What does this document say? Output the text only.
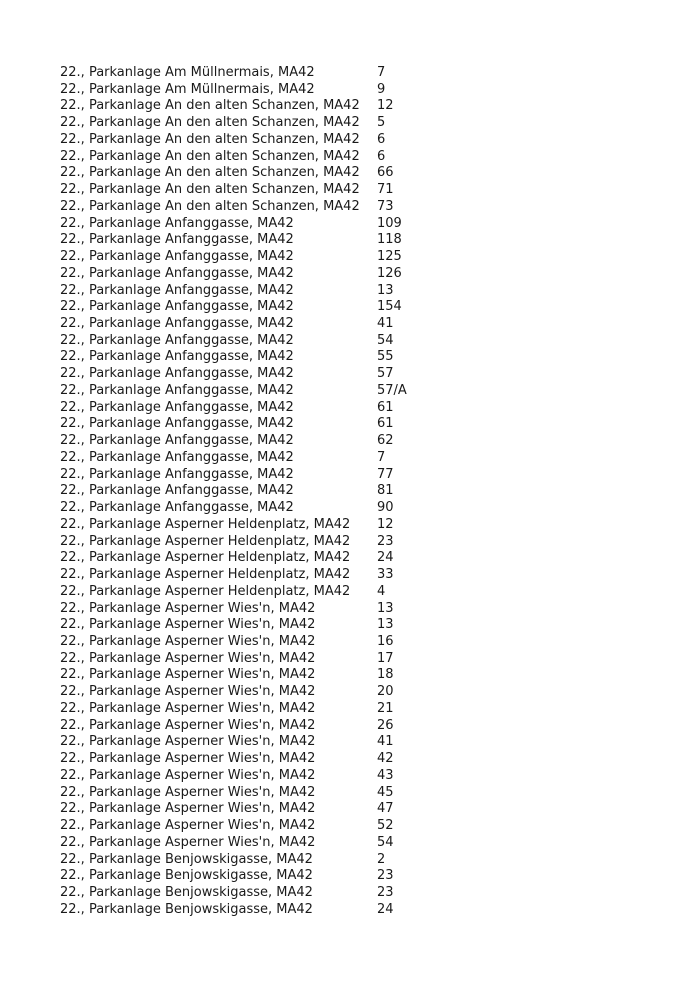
22., Parkanlage Am Müllnermais, MA42	7
22., Parkanlage Am Müllnermais, MA42	9
22., Parkanlage An den alten Schanzen, MA42	12
22., Parkanlage An den alten Schanzen, MA42	5
22., Parkanlage An den alten Schanzen, MA42	6
22., Parkanlage An den alten Schanzen, MA42	6
22., Parkanlage An den alten Schanzen, MA42	66
22., Parkanlage An den alten Schanzen, MA42	71
22., Parkanlage An den alten Schanzen, MA42	73
22., Parkanlage Anfanggasse, MA42	109
22., Parkanlage Anfanggasse, MA42	118
22., Parkanlage Anfanggasse, MA42	125
22., Parkanlage Anfanggasse, MA42	126
22., Parkanlage Anfanggasse, MA42	13
22., Parkanlage Anfanggasse, MA42	154
22., Parkanlage Anfanggasse, MA42	41
22., Parkanlage Anfanggasse, MA42	54
22., Parkanlage Anfanggasse, MA42	55
22., Parkanlage Anfanggasse, MA42	57
22., Parkanlage Anfanggasse, MA42	57/A
22., Parkanlage Anfanggasse, MA42	61
22., Parkanlage Anfanggasse, MA42	61
22., Parkanlage Anfanggasse, MA42	62
22., Parkanlage Anfanggasse, MA42	7
22., Parkanlage Anfanggasse, MA42	77
22., Parkanlage Anfanggasse, MA42	81
22., Parkanlage Anfanggasse, MA42	90
22., Parkanlage Asperner Heldenplatz, MA42	12
22., Parkanlage Asperner Heldenplatz, MA42	23
22., Parkanlage Asperner Heldenplatz, MA42	24
22., Parkanlage Asperner Heldenplatz, MA42	33
22., Parkanlage Asperner Heldenplatz, MA42	4
22., Parkanlage Asperner Wies'n, MA42	13
22., Parkanlage Asperner Wies'n, MA42	13
22., Parkanlage Asperner Wies'n, MA42	16
22., Parkanlage Asperner Wies'n, MA42	17
22., Parkanlage Asperner Wies'n, MA42	18
22., Parkanlage Asperner Wies'n, MA42	20
22., Parkanlage Asperner Wies'n, MA42	21
22., Parkanlage Asperner Wies'n, MA42	26
22., Parkanlage Asperner Wies'n, MA42	41
22., Parkanlage Asperner Wies'n, MA42	42
22., Parkanlage Asperner Wies'n, MA42	43
22., Parkanlage Asperner Wies'n, MA42	45
22., Parkanlage Asperner Wies'n, MA42	47
22., Parkanlage Asperner Wies'n, MA42	52
22., Parkanlage Asperner Wies'n, MA42	54
22., Parkanlage Benjowskigasse, MA42	2
22., Parkanlage Benjowskigasse, MA42	23
22., Parkanlage Benjowskigasse, MA42	23
22., Parkanlage Benjowskigasse, MA42	24
